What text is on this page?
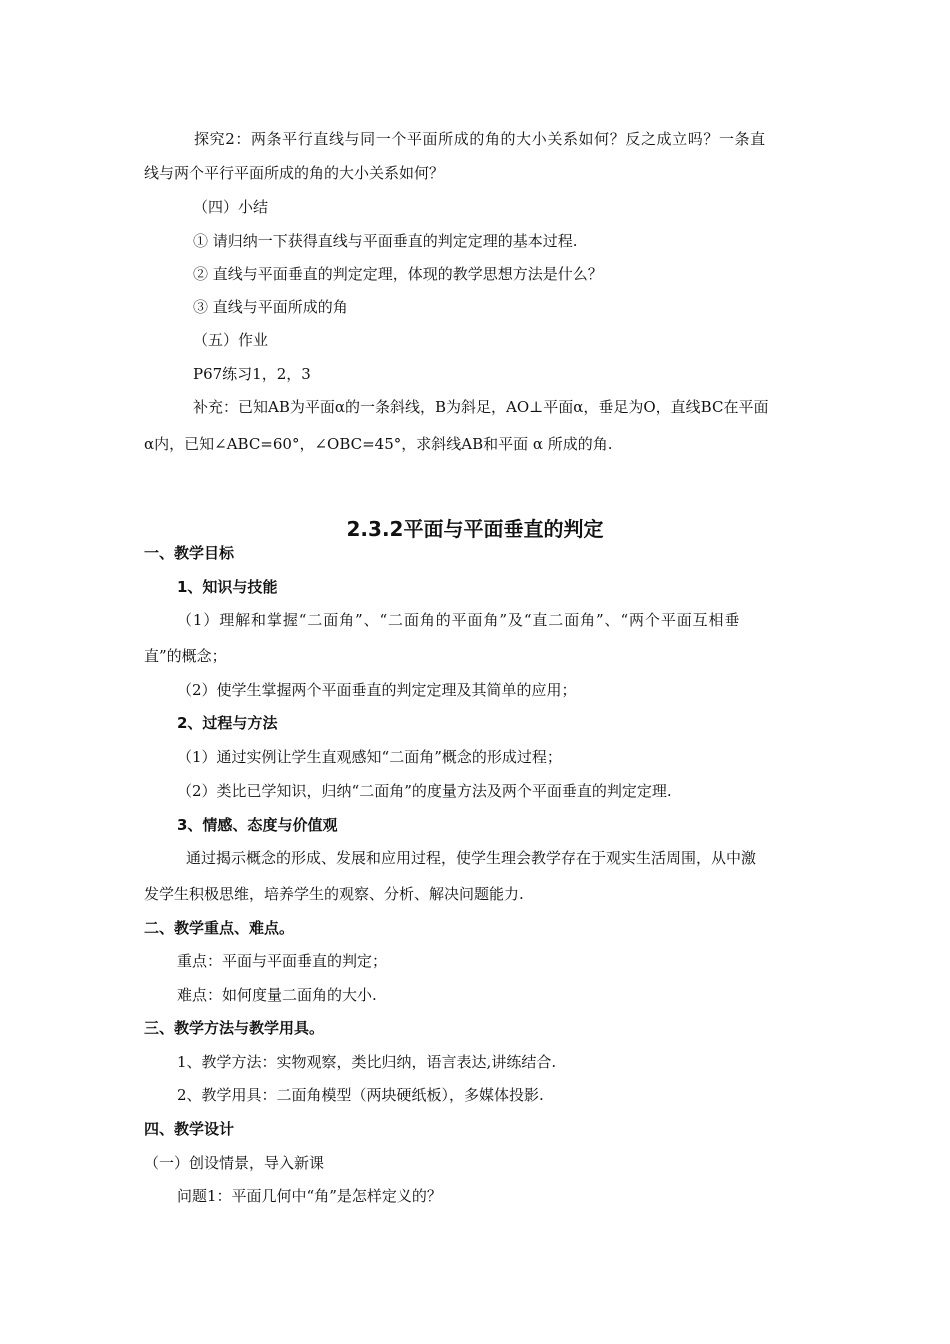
探究2：两条平行直线与同一个平面所成的角的大小关系如何？反之成立吗？一条直
线与两个平行平面所成的角的大小关系如何？
（四）小结
① 请归纳一下获得直线与平面垂直的判定定理的基本过程.
② 直线与平面垂直的判定定理，体现的教学思想方法是什么？
③ 直线与平面所成的角
（五）作业
P67练习1，2，3
补充：已知AB为平面α的一条斜线，B为斜足，AO⊥平面α，垂足为O，直线BC在平面
α内，已知∠ABC=60°，∠OBC=45°，求斜线AB和平面 α 所成的角.
2.3.2平面与平面垂直的判定
一、教学目标
1、知识与技能
（1）理解和掌握“二面角”、“二面角的平面角”及“直二面角”、“两个平面互相垂
直”的概念；
（2）使学生掌握两个平面垂直的判定定理及其简单的应用；
2、过程与方法
（1）通过实例让学生直观感知“二面角”概念的形成过程；
（2）类比已学知识，归纳“二面角”的度量方法及两个平面垂直的判定定理.
3、情感、态度与价值观
通过揭示概念的形成、发展和应用过程，使学生理会教学存在于观实生活周围，从中激
发学生积极思维，培养学生的观察、分析、解决问题能力.
二、教学重点、难点。
重点：平面与平面垂直的判定；
难点：如何度量二面角的大小.
三、教学方法与教学用具。
1、教学方法：实物观察，类比归纳，语言表达,讲练结合.
2、教学用具：二面角模型（两块硬纸板），多媒体投影.
四、教学设计
（一）创设情景，导入新课
问题1：平面几何中“角”是怎样定义的？
